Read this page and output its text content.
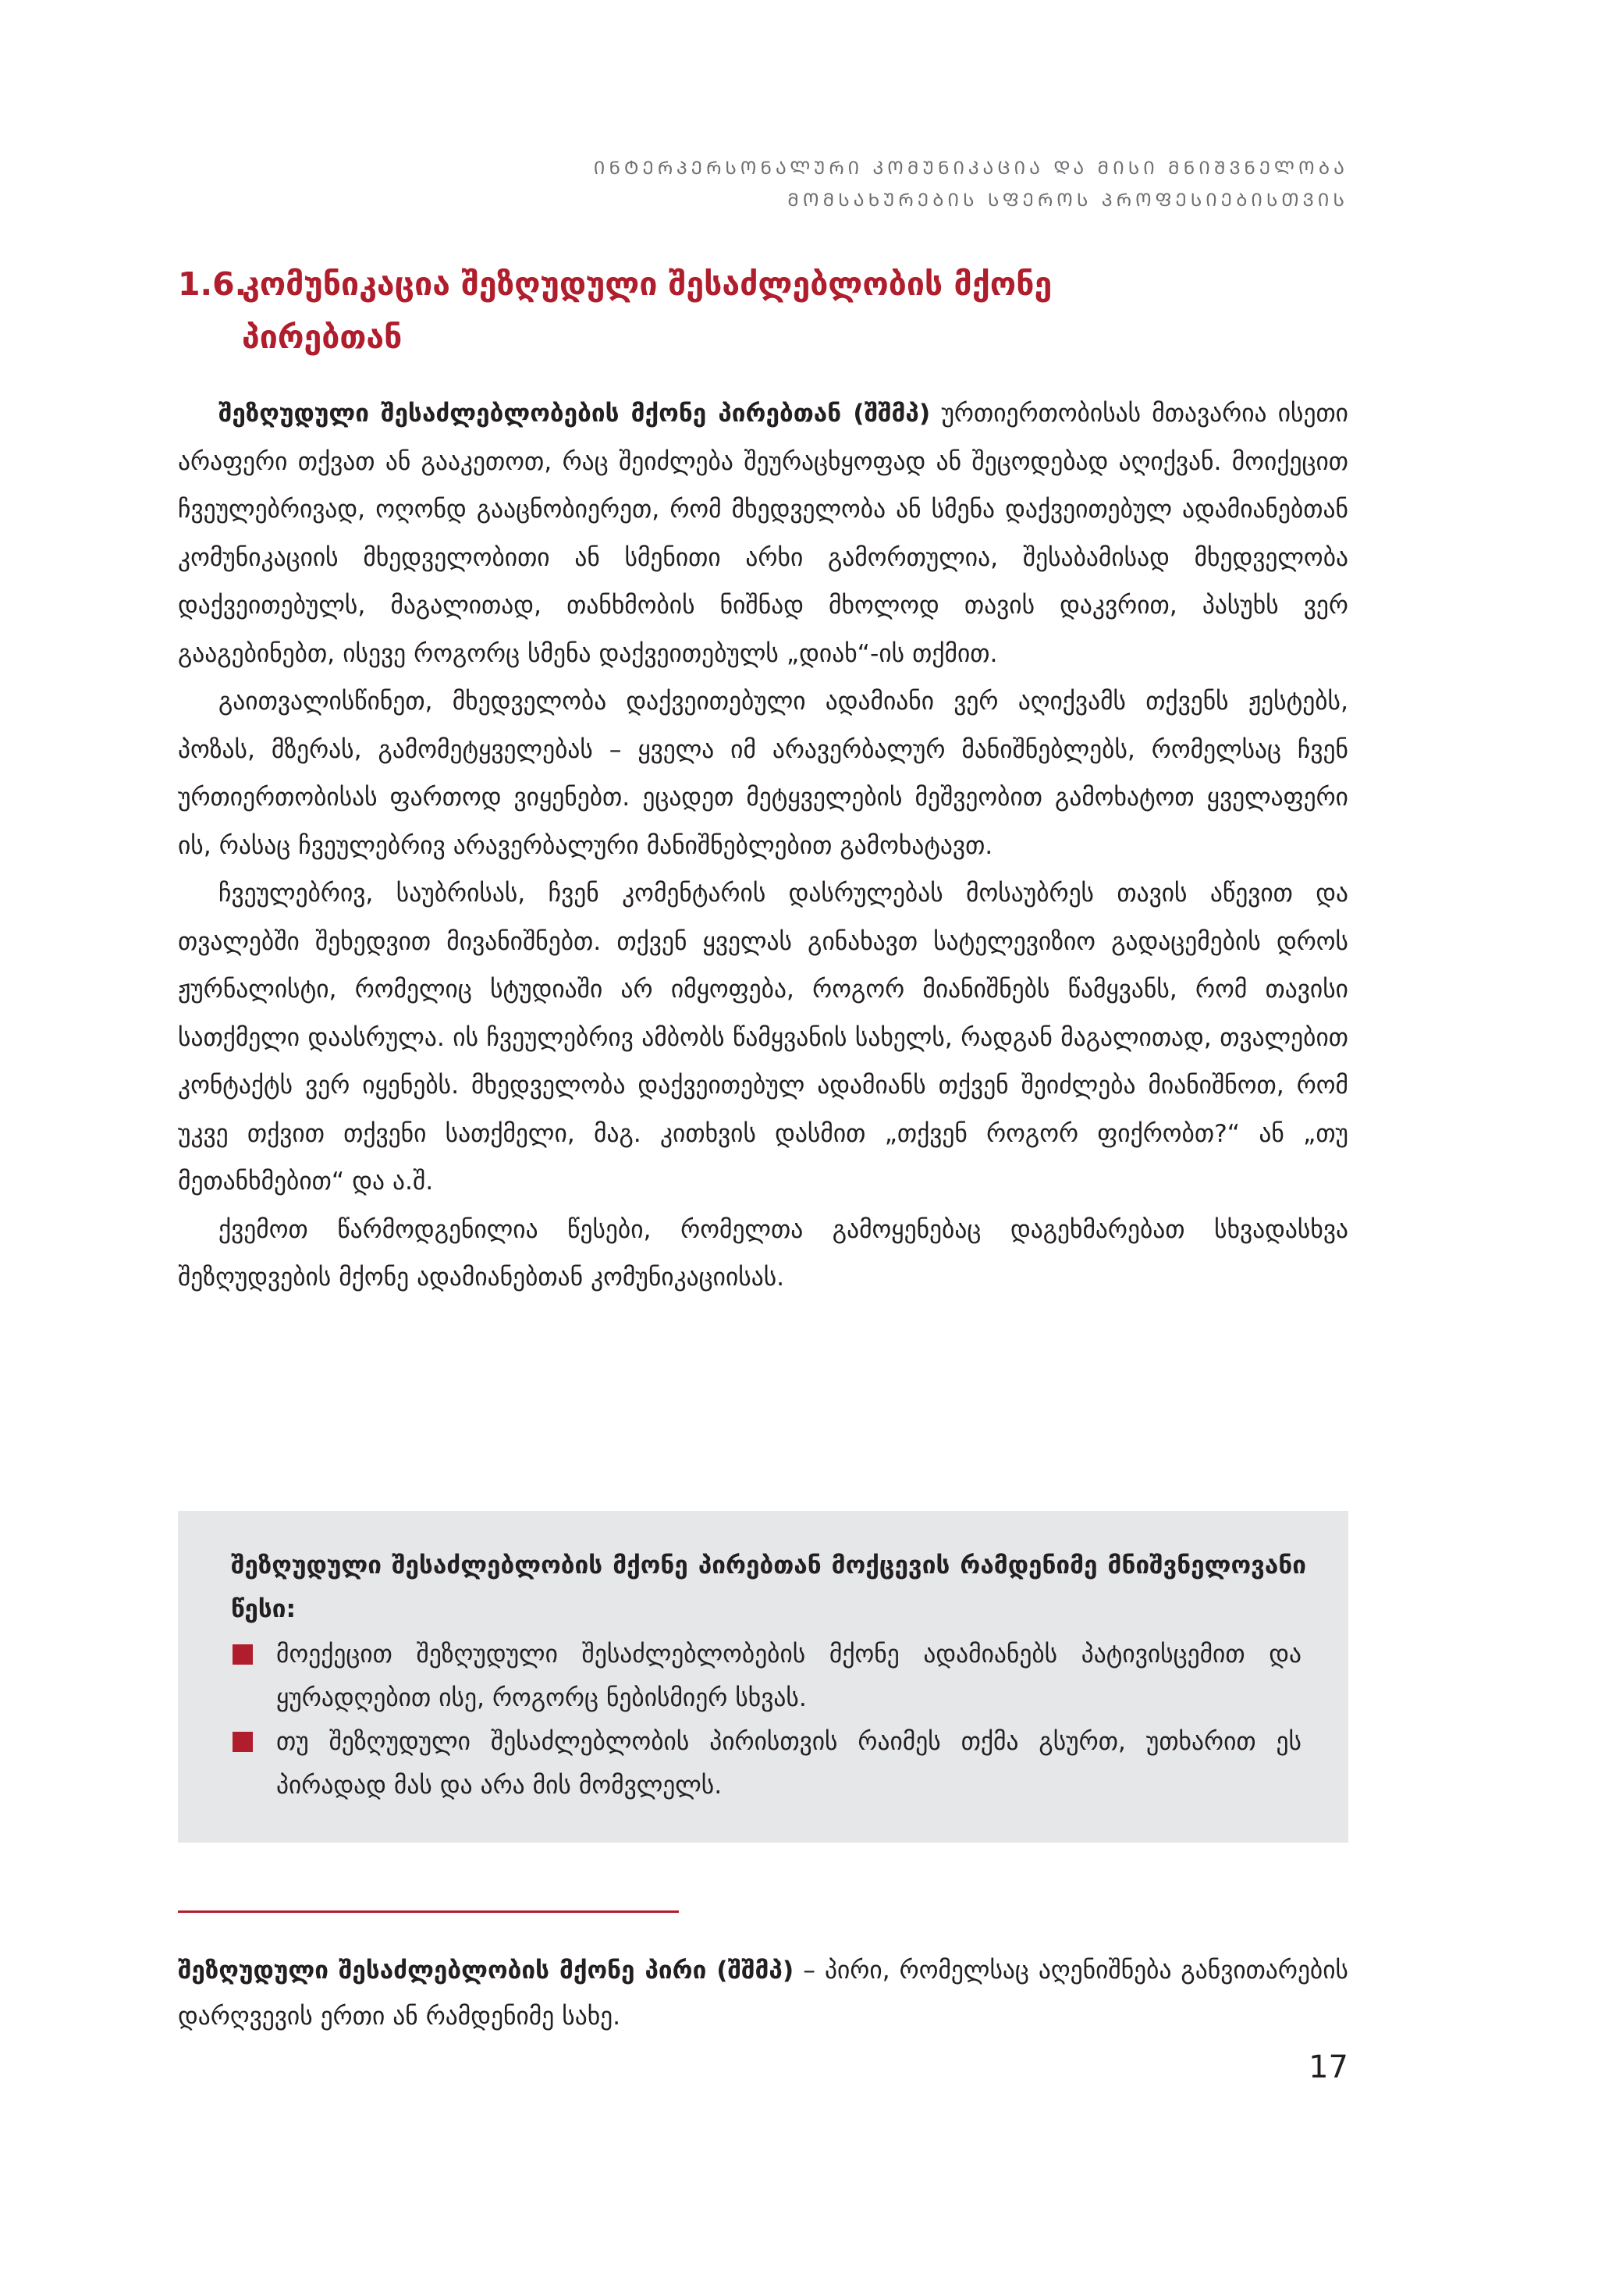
ᲘᲜᲢᲔᲠᲞᲔᲠᲡᲝᲜᲐᲚᲣᲠᲘ ᲙᲝᲛᲣᲜᲘᲙᲐᲪᲘᲐ ᲓᲐ ᲛᲘᲡᲘ ᲛᲜᲘᲨᲕᲜᲔᲚᲝᲑᲐ
ᲛᲝᲛᲡᲐᲮᲣᲠᲔᲑᲘᲡ ᲡᲤᲔᲠᲝᲡ ᲞᲠᲝᲤᲔᲡᲘᲔᲑᲘᲡᲗᲕᲘᲡ
1.6.კომუნიკაცია შეზღუდული შესაძლებლობის მქონე
პირებთან

შეზღუდული შესაძლებლობების მქონე პირებთან (შშმპ) ურთიერთობისას მთავარია ისეთი არაფერი თქვათ ან გააკეთოთ, რაც შეიძლება შეურაცხყოფად ან შეცოდებად აღიქვან. მოიქეცით ჩვეულებრივად, ოღონდ გააცნობიერეთ, რომ მხედველობა ან სმენა დაქვეითებულ ადამიანებთან კომუნიკაციის მხედველობითი ან სმენითი არხი გამორთულია, შესაბამისად მხედველობა დაქვეითებულს, მაგალითად, თანხმობის ნიშნად მხოლოდ თავის დაკვრით, პასუხს ვერ გააგებინებთ, ისევე როგორც სმენა დაქვეითებულს „დიახ“-ის თქმით.

გაითვალისწინეთ, მხედველობა დაქვეითებული ადამიანი ვერ აღიქვამს თქვენს ჟესტებს, პოზას, მზერას, გამომეტყველებას – ყველა იმ არავერბალურ მანიშნებლებს, რომელსაც ჩვენ ურთიერთობისას ფართოდ ვიყენებთ. ეცადეთ მეტყველების მეშვეობით გამოხატოთ ყველაფერი ის, რასაც ჩვეულებრივ არავერბალური მანიშნებლებით გამოხატავთ.

ჩვეულებრივ, საუბრისას, ჩვენ კომენტარის დასრულებას მოსაუბრეს თავის აწევით და თვალებში შეხედვით მივანიშნებთ. თქვენ ყველას გინახავთ სატელევიზიო გადაცემების დროს ჟურნალისტი, რომელიც სტუდიაში არ იმყოფება, როგორ მიანიშნებს წამყვანს, რომ თავისი სათქმელი დაასრულა. ის ჩვეულებრივ ამბობს წამყვანის სახელს, რადგან მაგალითად, თვალებით კონტაქტს ვერ იყენებს. მხედველობა დაქვეითებულ ადამიანს თქვენ შეიძლება მიანიშნოთ, რომ უკვე თქვით თქვენი სათქმელი, მაგ. კითხვის დასმით „თქვენ როგორ ფიქრობთ?“ ან „თუ მეთანხმებით“ და ა.შ.

ქვემოთ წარმოდგენილია წესები, რომელთა გამოყენებაც დაგეხმარებათ სხვადასხვა შეზღუდვების მქონე ადამიანებთან კომუნიკაციისას.

შეზღუდული შესაძლებლობის მქონე პირებთან მოქცევის რამდენიმე მნიშვნელოვანი წესი:
მოექეცით შეზღუდული შესაძლებლობების მქონე ადამიანებს პატივისცემით და ყურადღებით ისე, როგორც ნებისმიერ სხვას.
თუ შეზღუდული შესაძლებლობის პირისთვის რაიმეს თქმა გსურთ, უთხარით ეს პირადად მას და არა მის მომვლელს.
შეზღუდული შესაძლებლობის მქონე პირი (შშმპ) – პირი, რომელსაც აღენიშნება განვითარების დარღვევის ერთი ან რამდენიმე სახე.
17
